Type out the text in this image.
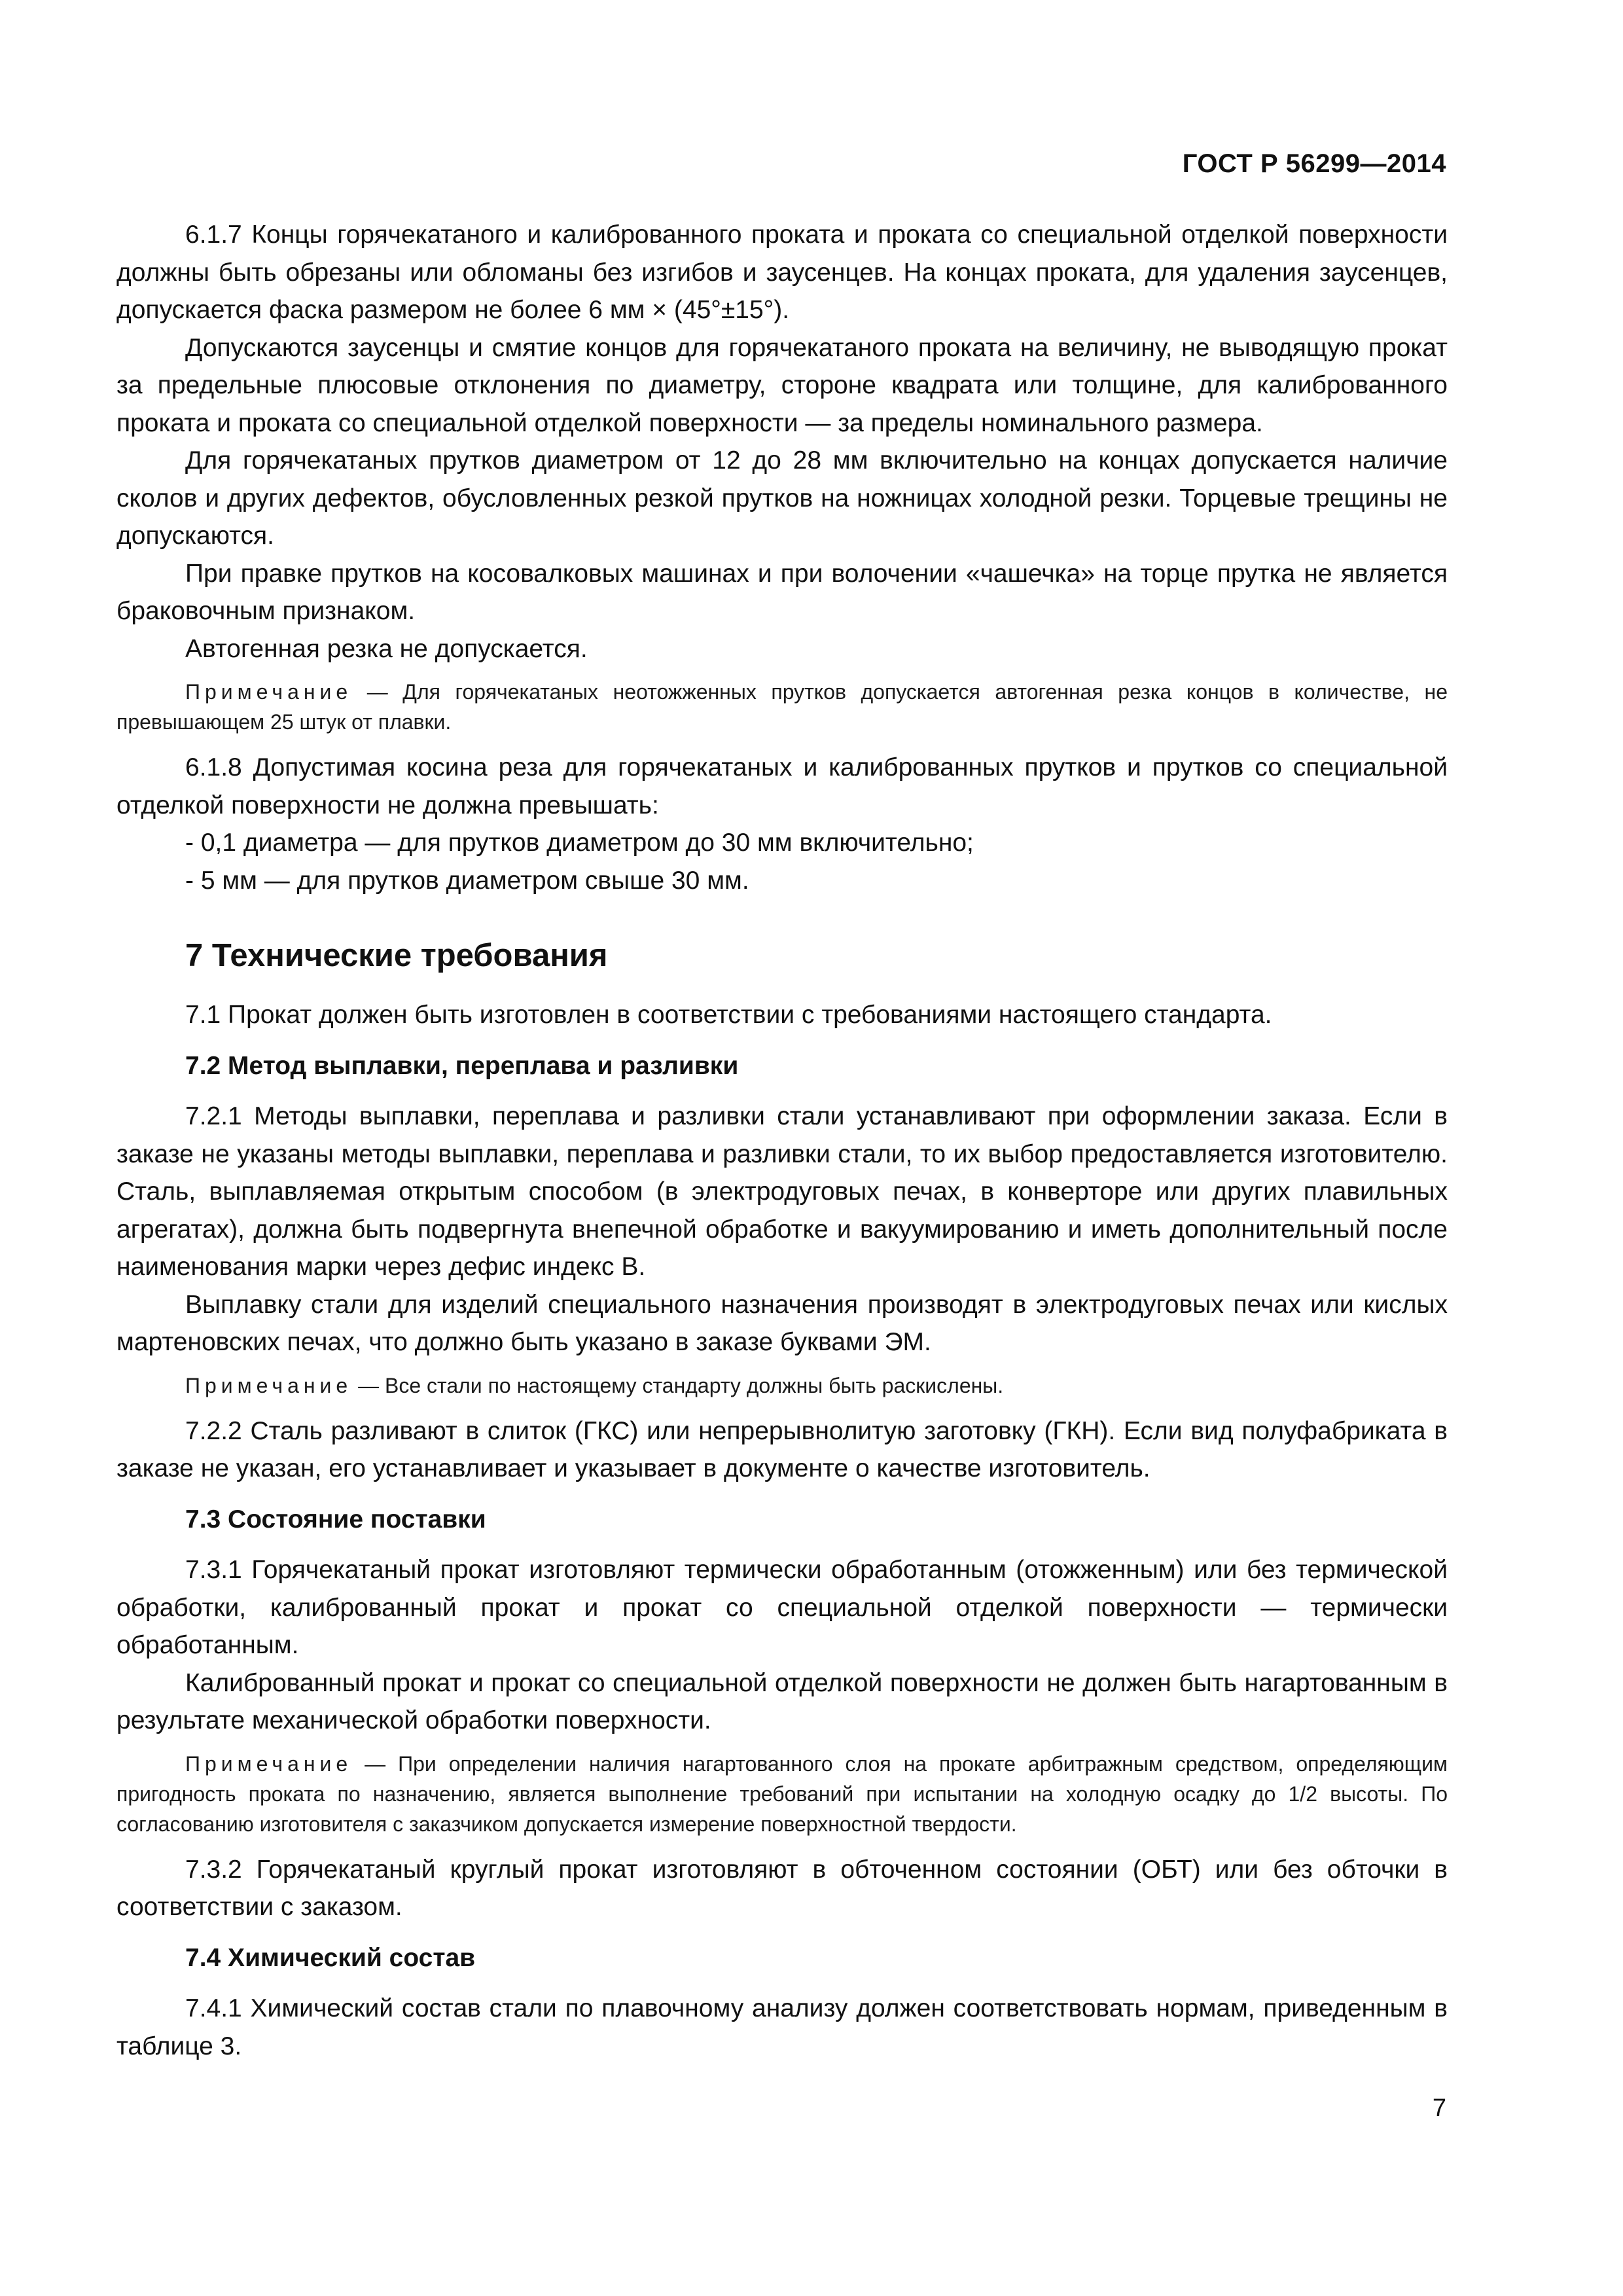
ГОСТ Р 56299—2014

6.1.7 Концы горячекатаного и калиброванного проката и проката со специальной отделкой поверхности должны быть обрезаны или обломаны без изгибов и заусенцев. На концах проката, для удаления заусенцев, допускается фаска размером не более 6 мм × (45°±15°).

Допускаются заусенцы и смятие концов для горячекатаного проката на величину, не выводящую прокат за предельные плюсовые отклонения по диаметру, стороне квадрата или толщине, для калиброванного проката и проката со специальной отделкой поверхности — за пределы номинального размера.

Для горячекатаных прутков диаметром от 12 до 28 мм включительно на концах допускается наличие сколов и других дефектов, обусловленных резкой прутков на ножницах холодной резки. Торцевые трещины не допускаются.

При правке прутков на косовалковых машинах и при волочении «чашечка» на торце прутка не является браковочным признаком.

Автогенная резка не допускается.

Примечание — Для горячекатаных неотожженных прутков допускается автогенная резка концов в количестве, не превышающем 25 штук от плавки.

6.1.8 Допустимая косина реза для горячекатаных и калиброванных прутков и прутков со специальной отделкой поверхности не должна превышать:

- 0,1 диаметра — для прутков диаметром до 30 мм включительно;

- 5 мм — для прутков диаметром свыше 30 мм.

7 Технические требования

7.1 Прокат должен быть изготовлен в соответствии с требованиями настоящего стандарта.

7.2 Метод выплавки, переплава и разливки

7.2.1 Методы выплавки, переплава и разливки стали устанавливают при оформлении заказа. Если в заказе не указаны методы выплавки, переплава и разливки стали, то их выбор предоставляется изготовителю. Сталь, выплавляемая открытым способом (в электродуговых печах, в конверторе или других плавильных агрегатах), должна быть подвергнута внепечной обработке и вакуумированию и иметь дополнительный после наименования марки через дефис индекс В.

Выплавку стали для изделий специального назначения производят в электродуговых печах или кислых мартеновских печах, что должно быть указано в заказе буквами ЭМ.

Примечание — Все стали по настоящему стандарту должны быть раскислены.

7.2.2 Сталь разливают в слиток (ГКС) или непрерывнолитую заготовку (ГКН). Если вид полуфабриката в заказе не указан, его устанавливает и указывает в документе о качестве изготовитель.

7.3 Состояние поставки

7.3.1 Горячекатаный прокат изготовляют термически обработанным (отожженным) или без термической обработки, калиброванный прокат и прокат со специальной отделкой поверхности — термически обработанным.

Калиброванный прокат и прокат со специальной отделкой поверхности не должен быть нагартованным в результате механической обработки поверхности.

Примечание — При определении наличия нагартованного слоя на прокате арбитражным средством, определяющим пригодность проката по назначению, является выполнение требований при испытании на холодную осадку до 1/2 высоты. По согласованию изготовителя с заказчиком допускается измерение поверхностной твердости.

7.3.2 Горячекатаный круглый прокат изготовляют в обточенном состоянии (ОБТ) или без обточки в соответствии с заказом.

7.4 Химический состав

7.4.1 Химический состав стали по плавочному анализу должен соответствовать нормам, приведенным в таблице 3.

7
